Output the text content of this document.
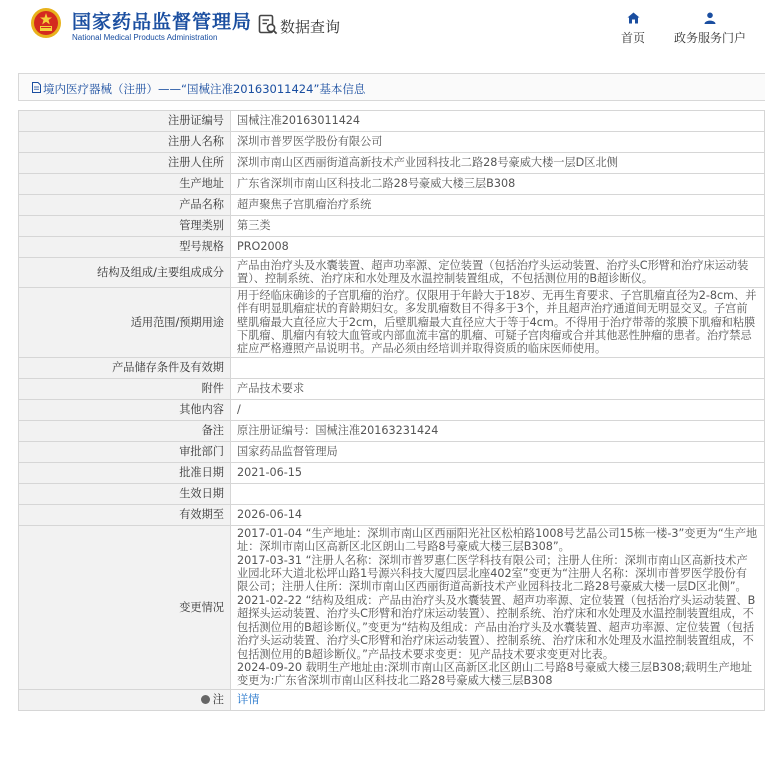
国家药品监督管理局
National Medical Products Administration
数据查询
首页 政务服务门户
境内医疗器械（注册）——“国械注准20163011424”基本信息
注册证编号	国械注准20163011424
注册人名称	深圳市普罗医学股份有限公司
注册人住所	深圳市南山区西丽街道高新技术产业园科技北二路28号豪威大楼一层D区北侧
生产地址	广东省深圳市南山区科技北二路28号豪威大楼三层B308
产品名称	超声聚焦子宫肌瘤治疗系统
管理类别	第三类
型号规格	PRO2008
结构及组成/主要组成成分	产品由治疗头及水囊装置、超声功率源、定位装置（包括治疗头运动装置、治疗头C形臂和治疗床运动装置）、控制系统、治疗床和水处理及水温控制装置组成，不包括测位用的B超诊断仪。
适用范围/预期用途	用于经临床确诊的子宫肌瘤的治疗。仅限用于年龄大于18岁、无再生育要求、子宫肌瘤直径为2-8cm、并伴有明显肌瘤症状的育龄期妇女。多发肌瘤数目不得多于3个，并且超声治疗通道间无明显交叉。子宫前壁肌瘤最大直径应大于2cm，后壁肌瘤最大直径应大于等于4cm。不得用于治疗带蒂的浆膜下肌瘤和粘膜下肌瘤、肌瘤内有较大血管或内部血流丰富的肌瘤、可疑子宫肉瘤或合并其他恶性肿瘤的患者。治疗禁忌症应严格遵照产品说明书。产品必须由经培训并取得资质的临床医师使用。
产品储存条件及有效期	
附件	产品技术要求
其他内容	/
备注	原注册证编号：国械注准20163231424
审批部门	国家药品监督管理局
批准日期	2021-06-15
生效日期	
有效期至	2026-06-14
变更情况	2017-01-04 “生产地址：深圳市南山区西丽阳光社区松柏路1008号艺晶公司15栋一楼-3”变更为“生产地址：深圳市南山区高新区北区朗山二号路8号豪威大楼三层B308”。
2017-03-31 “注册人名称：深圳市普罗惠仁医学科技有限公司；注册人住所：深圳市南山区高新技术产业园北环大道北松坪山路1号源兴科技大厦四层北座402室”变更为“注册人名称：深圳市普罗医学股份有限公司；注册人住所：深圳市南山区西丽街道高新技术产业园科技北二路28号豪威大楼一层D区北侧”。
2021-02-22 “结构及组成：产品由治疗头及水囊装置、超声功率源、定位装置（包括治疗头运动装置、B超探头运动装置、治疗头C形臂和治疗床运动装置）、控制系统、治疗床和水处理及水温控制装置组成，不包括测位用的B超诊断仪。”变更为“结构及组成：产品由治疗头及水囊装置、超声功率源、定位装置（包括治疗头运动装置、治疗头C形臂和治疗床运动装置）、控制系统、治疗床和水处理及水温控制装置组成，不包括测位用的B超诊断仪。”产品技术要求变更：见产品技术要求变更对比表。
2024-09-20 载明生产地址由:深圳市南山区高新区北区朗山二号路8号豪威大楼三层B308;载明生产地址变更为:广东省深圳市南山区科技北二路28号豪威大楼三层B308
注	详情
